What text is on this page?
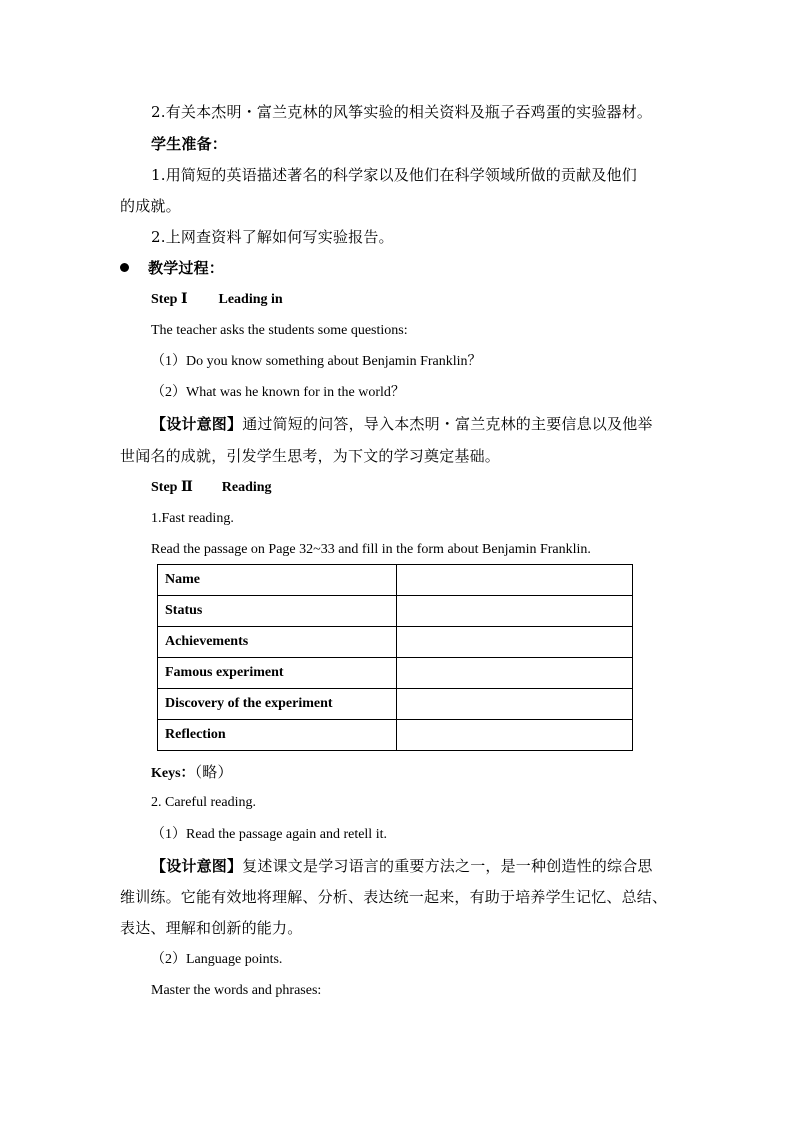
2.有关本杰明・富兰克林的风筝实验的相关资料及瓶子吞鸡蛋的实验器材。
学生准备：
1.用简短的英语描述著名的科学家以及他们在科学领域所做的贡献及他们
的成就。
2.上网查资料了解如何写实验报告。
教学过程：
Step Ⅰ Leading in
The teacher asks the students some questions:
（1）Do you know something about Benjamin Franklin？
（2）What was he known for in the world？
【设计意图】通过简短的问答，导入本杰明・富兰克林的主要信息以及他举
世闻名的成就，引发学生思考，为下文的学习奠定基础。
Step Ⅱ Reading
1.Fast reading.
Read the passage on Page 32~33 and fill in the form about Benjamin Franklin.
Name	
Status	
Achievements	
Famous experiment	
Discovery of the experiment	
Reflection	
Keys：（略）
2. Careful reading.
（1）Read the passage again and retell it.
【设计意图】复述课文是学习语言的重要方法之一，是一种创造性的综合思
维训练。它能有效地将理解、分析、表达统一起来，有助于培养学生记忆、总结、
表达、理解和创新的能力。
（2）Language points.
Master the words and phrases:
